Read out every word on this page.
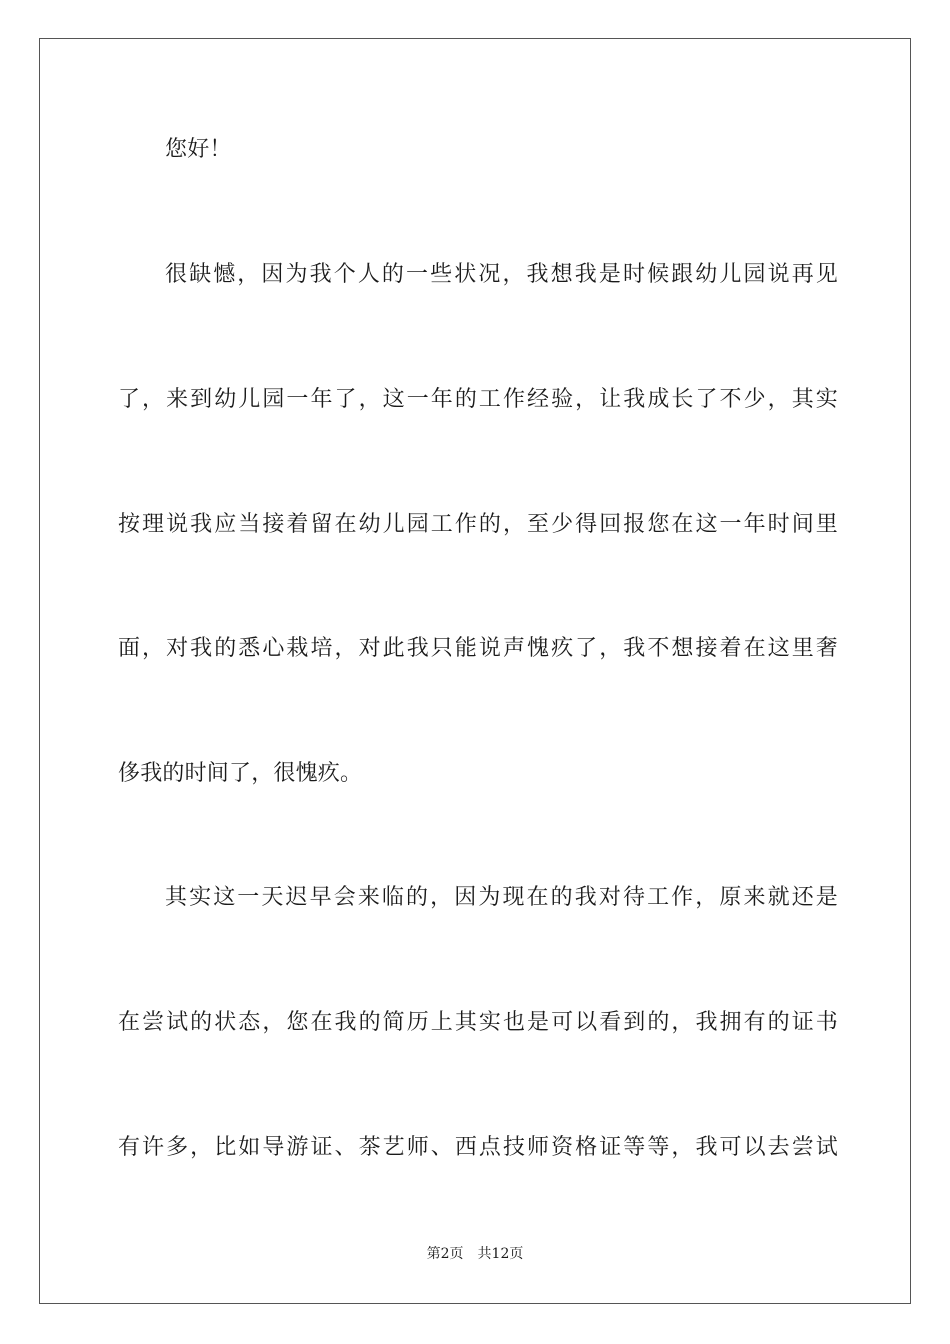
您好！
很缺憾，因为我个人的一些状况，我想我是时候跟幼儿园说再见
了，来到幼儿园一年了，这一年的工作经验，让我成长了不少，其实
按理说我应当接着留在幼儿园工作的，至少得回报您在这一年时间里
面，对我的悉心栽培，对此我只能说声愧疚了，我不想接着在这里奢
侈我的时间了，很愧疚。
其实这一天迟早会来临的，因为现在的我对待工作，原来就还是
在尝试的状态，您在我的简历上其实也是可以看到的，我拥有的证书
有许多，比如导游证、茶艺师、西点技师资格证等等，我可以去尝试
第2页 共12页
